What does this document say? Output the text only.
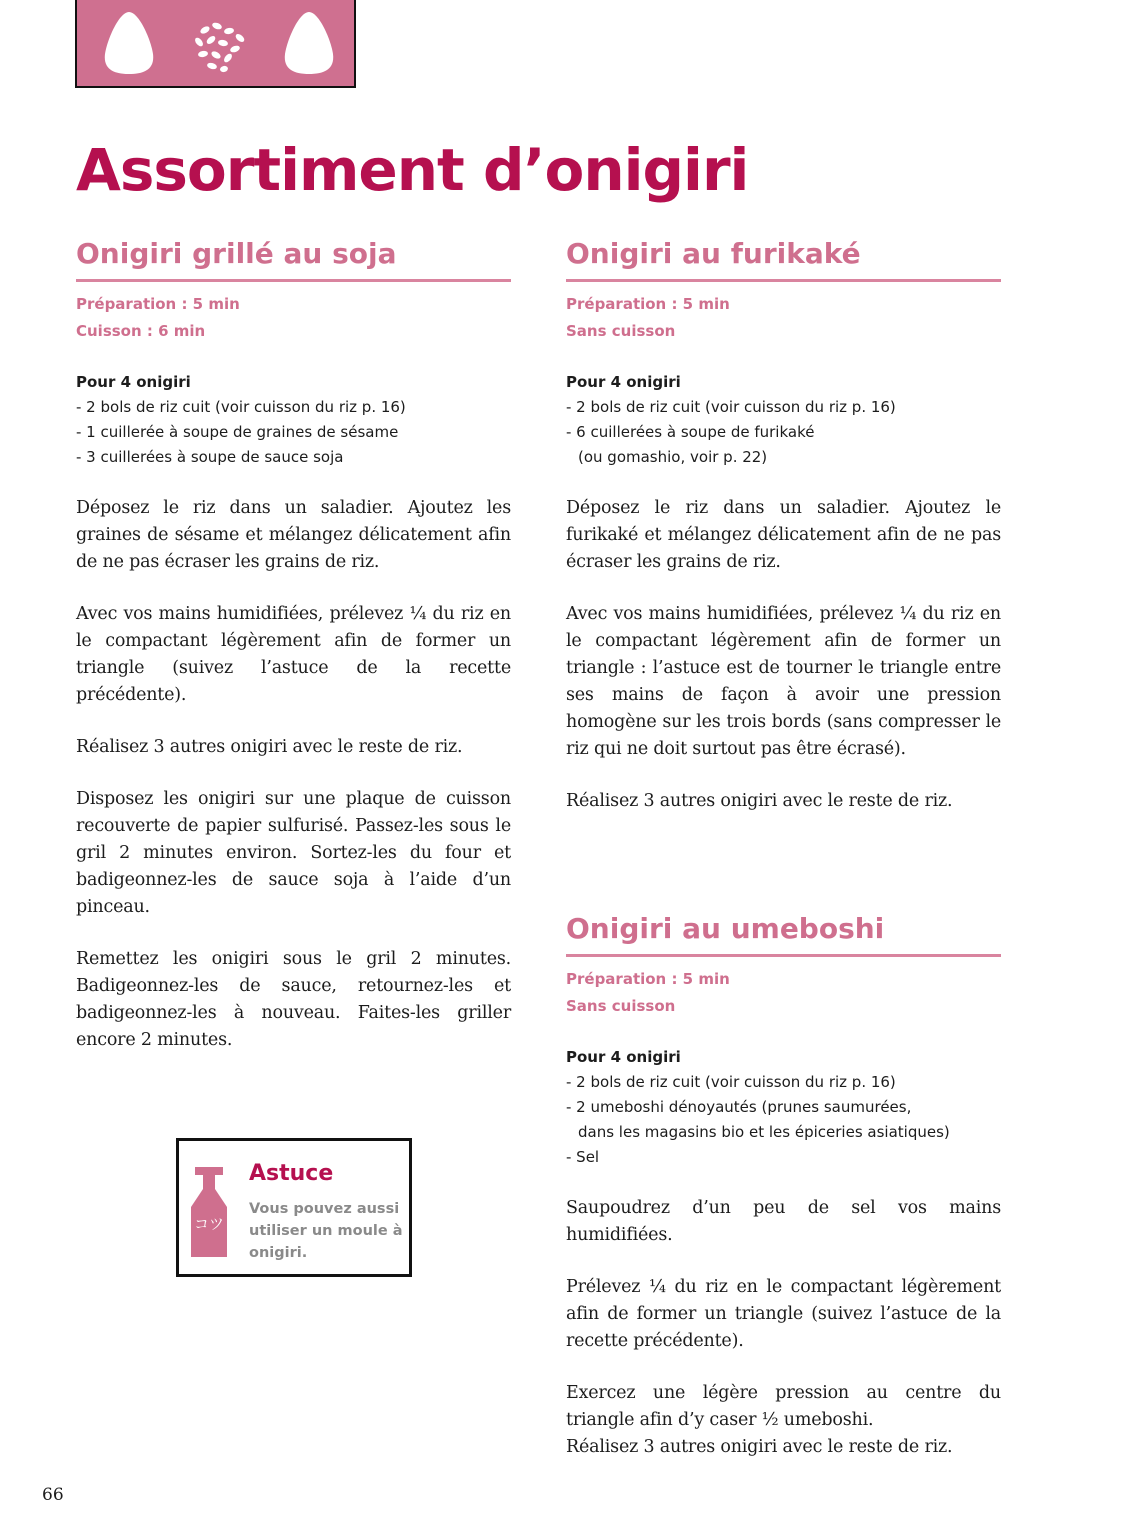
Assortiment d’onigiri
Onigiri grillé au soja
Préparation : 5 min
Cuisson : 6 min
Pour 4 onigiri
- 2 bols de riz cuit (voir cuisson du riz p. 16)
- 1 cuillerée à soupe de graines de sésame
- 3 cuillerées à soupe de sauce soja

Déposez le riz dans un saladier. Ajoutez les graines de sésame et mélangez délicatement afin de ne pas écraser les grains de riz.

Avec vos mains humidifiées, prélevez ¼ du riz en le compactant légèrement afin de former un triangle (suivez l’astuce de la recette précédente).

Réalisez 3 autres onigiri avec le reste de riz.

Disposez les onigiri sur une plaque de cuisson recouverte de papier sulfurisé. Passez-les sous le gril 2 minutes environ. Sortez-les du four et badigeonnez-les de sauce soja à l’aide d’un pinceau.

Remettez les onigiri sous le gril 2 minutes. Badigeonnez-les de sauce, retournez-les et badigeonnez-les à nouveau. Faites-les griller encore 2 minutes.

コツ
Astuce
Vous pouvez aussi utiliser un moule à onigiri.
Onigiri au furikaké
Préparation : 5 min
Sans cuisson
Pour 4 onigiri
- 2 bols de riz cuit (voir cuisson du riz p. 16)
- 6 cuillerées à soupe de furikaké
(ou gomashio, voir p. 22)

Déposez le riz dans un saladier. Ajoutez le furikaké et mélangez délicatement afin de ne pas écraser les grains de riz.

Avec vos mains humidifiées, prélevez ¼ du riz en le compactant légèrement afin de former un triangle : l’astuce est de tourner le triangle entre ses mains de façon à avoir une pression homogène sur les trois bords (sans compresser le riz qui ne doit surtout pas être écrasé).

Réalisez 3 autres onigiri avec le reste de riz.

Onigiri au umeboshi
Préparation : 5 min
Sans cuisson
Pour 4 onigiri
- 2 bols de riz cuit (voir cuisson du riz p. 16)
- 2 umeboshi dénoyautés (prunes saumurées,
dans les magasins bio et les épiceries asiatiques)
- Sel

Saupoudrez d’un peu de sel vos mains humidifiées.

Prélevez ¼ du riz en le compactant légèrement afin de former un triangle (suivez l’astuce de la recette précédente).

Exercez une légère pression au centre du triangle afin d’y caser ½ umeboshi.

Réalisez 3 autres onigiri avec le reste de riz.

66
